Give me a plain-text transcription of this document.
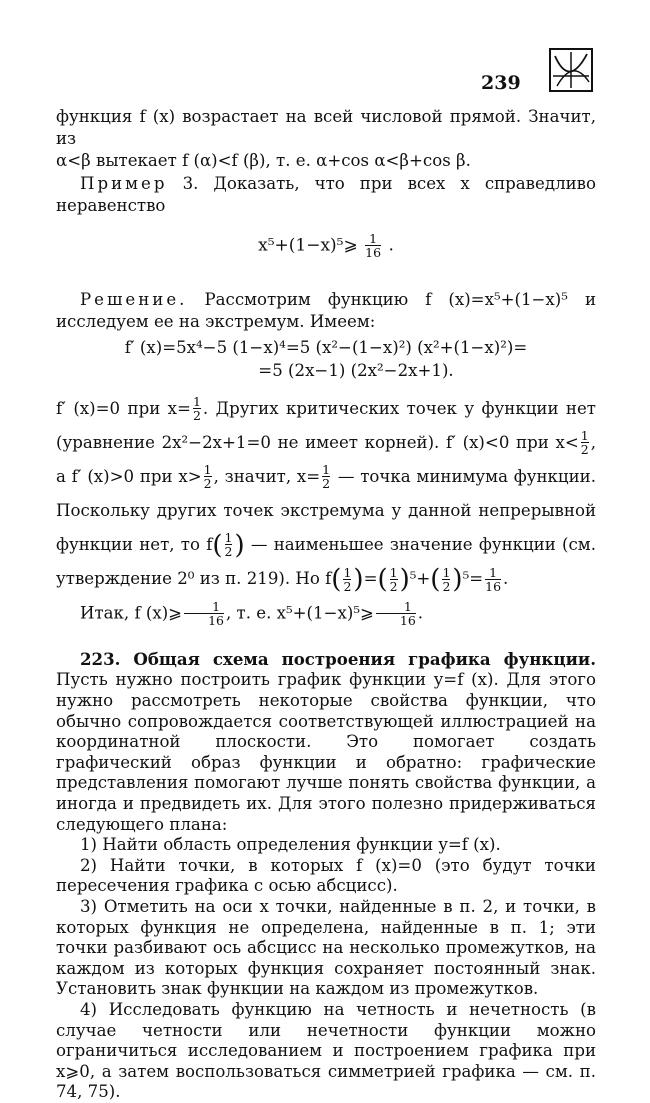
239

функция f (x) возрастает на всей числовой прямой. Значит, из

α<β вытекает f (α)<f (β), т. е. α+cos α<β+cos β.

Пример 3. Доказать, что при всех x справедливо неравенство

x⁵+(1−x)⁵⩾ $\frac{1}{16}$ .

Решение. Рассмотрим функцию f (x)=x⁵+(1−x)⁵ и исследуем ее на экстремум. Имеем:

f′ (x)=5x⁴−5 (1−x)⁴=5 (x²−(1−x)²) (x²+(1−x)²)=
=5 (2x−1) (2x²−2x+1).

f′ (x)=0 при $x= \frac{1}{2}$ . Других критических точек у функции нет (уравнение 2x²−2x+1=0 не имеет корней). f′ (x)<0 при $x< \frac{1}{2}$ , а f′ (x)>0 при $x> \frac{1}{2}$ , значит, $x= \frac{1}{2}$ — точка минимума функции. Поскольку других точек экстремума у данной непрерывной функции нет, то $f( \frac{1}{2}$ ) — наименьшее значение функции (см. утверждение 2⁰ из п. 219). Но $f( \frac{1}{2}$ )=( $\frac{1}{2} )^5+( \frac{1}{2} )^5= \frac{1}{16}$ .

Итак, f (x)⩾ $\frac{1}{16}$ , т. е. x⁵+(1−x)⁵⩾ $\frac{1}{16}$ .

223. Общая схема построения графика функции. Пусть нужно построить график функции y=f (x). Для этого нужно рассмотреть некоторые свойства функции, что обычно сопровождается соответствующей иллюстрацией на координатной плоскости. Это помогает создать графический образ функции и обратно: графические представления помогают лучше понять свойства функции, а иногда и предвидеть их. Для этого полезно придерживаться следующего плана:

1) Найти область определения функции y=f (x).

2) Найти точки, в которых f (x)=0 (это будут точки пересечения графика с осью абсцисс).

3) Отметить на оси x точки, найденные в п. 2, и точки, в которых функция не определена, найденные в п. 1; эти точки разбивают ось абсцисс на несколько промежутков, на каждом из которых функция сохраняет постоянный знак. Установить знак функции на каждом из промежутков.

4) Исследовать функцию на четность и нечетность (в случае четности или нечетности функции можно ограничиться исследованием и построением графика при x⩾0, а затем воспользоваться симметрией графика — см. п. 74, 75).
